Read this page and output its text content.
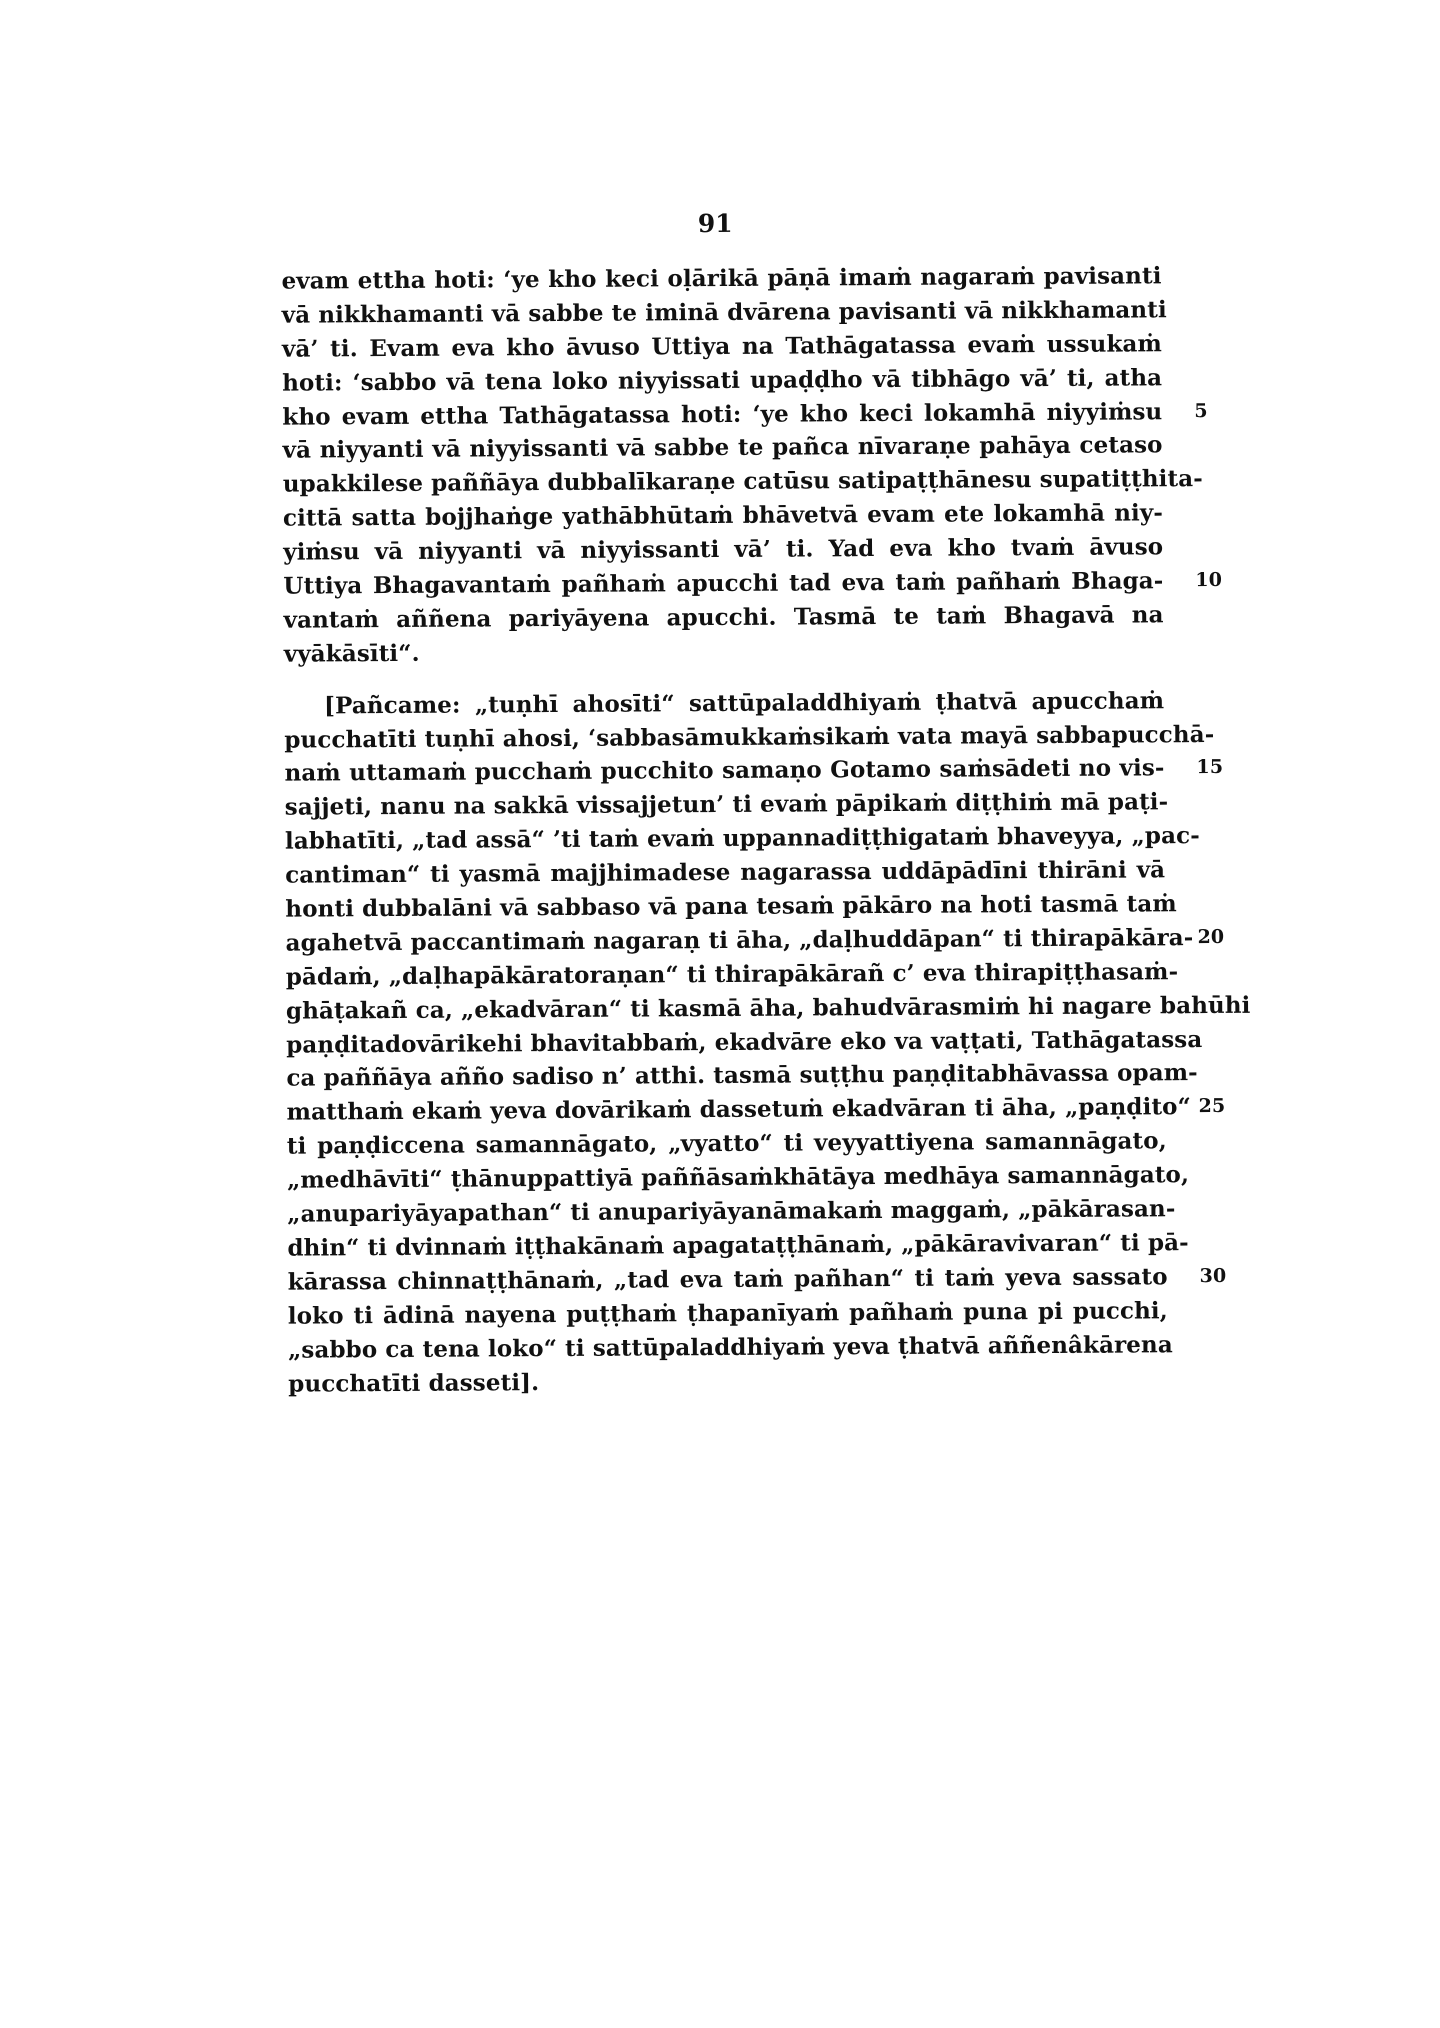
91
evam ettha hoti: ‘ye kho keci oḷārikā pāṇā imaṁ nagaraṁ pavisanti
vā nikkhamanti vā sabbe te iminā dvārena pavisanti vā nikkhamanti
vā’ ti. Evam eva kho āvuso Uttiya na Tathāgatassa evaṁ ussukaṁ
hoti: ‘sabbo vā tena loko niyyissati upaḍḍho vā tibhāgo vā’ ti, atha
kho evam ettha Tathāgatassa hoti: ‘ye kho keci lokamhā niyyiṁsu 5
vā niyyanti vā niyyissanti vā sabbe te pañca nīvaraṇe pahāya cetaso
upakkilese paññāya dubbalīkaraṇe catūsu satipaṭṭhānesu supatiṭṭhita-
cittā satta bojjhaṅge yathābhūtaṁ bhāvetvā evam ete lokamhā niy-
yiṁsu vā niyyanti vā niyyissanti vā’ ti. Yad eva kho tvaṁ āvuso
Uttiya Bhagavantaṁ pañhaṁ apucchi tad eva taṁ pañhaṁ Bhaga- 10
vantaṁ aññena pariyāyena apucchi. Tasmā te taṁ Bhagavā na
vyākāsīti“.
[Pañcame: „tuṇhī ahosīti“ sattūpaladdhiyaṁ ṭhatvā apucchaṁ
pucchatīti tuṇhī ahosi, ‘sabbasāmukkaṁsikaṁ vata mayā sabbapucchā-
naṁ uttamaṁ pucchaṁ pucchito samaṇo Gotamo saṁsādeti no vis- 15
sajjeti, nanu na sakkā vissajjetun’ ti evaṁ pāpikaṁ diṭṭhiṁ mā paṭi-
labhatīti, „tad assā“ ’ti taṁ evaṁ uppannadiṭṭhigataṁ bhaveyya, „pac-
cantiman“ ti yasmā majjhimadese nagarassa uddāpādīni thirāni vā
honti dubbalāni vā sabbaso vā pana tesaṁ pākāro na hoti tasmā taṁ
agahetvā paccantimaṁ nagaraṇ ti āha, „daḷhuddāpan“ ti thirapākāra- 20
pādaṁ, „daḷhapākāratoraṇan“ ti thirapākārañ c’ eva thirapiṭṭhasaṁ-
ghāṭakañ ca, „ekadvāran“ ti kasmā āha, bahudvārasmiṁ hi nagare bahūhi
paṇḍitadovārikehi bhavitabbaṁ, ekadvāre eko va vaṭṭati, Tathāgatassa
ca paññāya añño sadiso n’ atthi. tasmā suṭṭhu paṇḍitabhāvassa opam-
matthaṁ ekaṁ yeva dovārikaṁ dassetuṁ ekadvāran ti āha, „paṇḍito“ 25
ti paṇḍiccena samannāgato, „vyatto“ ti veyyattiyena samannāgato,
„medhāvīti“ ṭhānuppattiyā paññāsaṁkhātāya medhāya samannāgato,
„anupariyāyapathan“ ti anupariyāyanāmakaṁ maggaṁ, „pākārasan-
dhin“ ti dvinnaṁ iṭṭhakānaṁ apagataṭṭhānaṁ, „pākāravivaran“ ti pā-
kārassa chinnaṭṭhānaṁ, „tad eva taṁ pañhan“ ti taṁ yeva sassato 30
loko ti ādinā nayena puṭṭhaṁ ṭhapanīyaṁ pañhaṁ puna pi pucchi,
„sabbo ca tena loko“ ti sattūpaladdhiyaṁ yeva ṭhatvā aññenâkārena
pucchatīti dasseti].
